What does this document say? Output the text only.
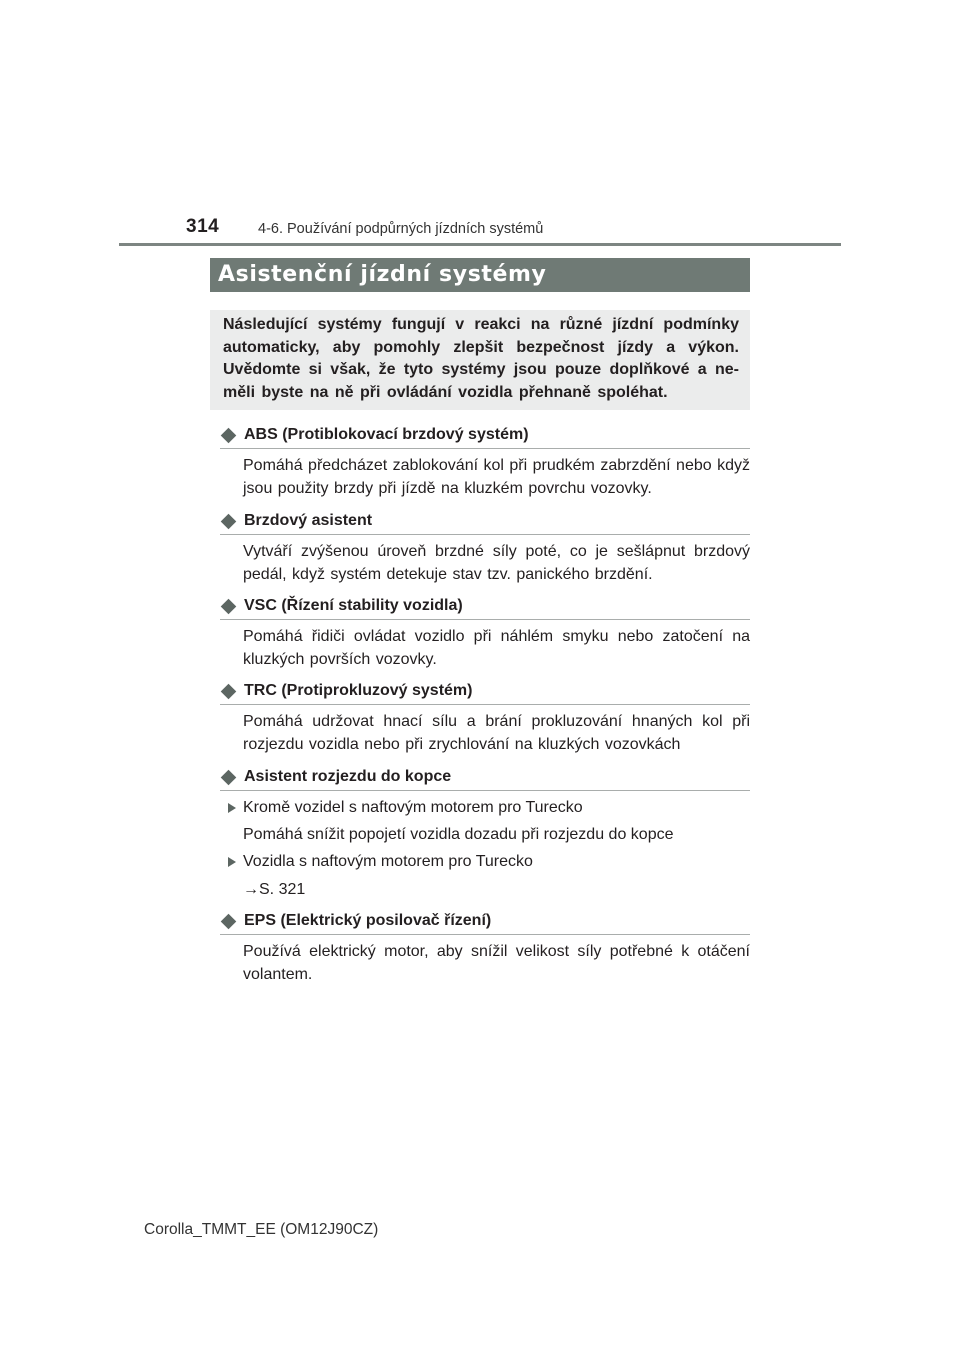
314	4-6. Používání podpůrných jízdních systémů
Asistenční jízdní systémy
Následující systémy fungují v reakci na různé jízdní podmínky automaticky, aby pomohly zlepšit bezpečnost jízdy a výkon. Uvědomte si však, že tyto systémy jsou pouze doplňkové a ne-měli byste na ně při ovládání vozidla přehnaně spoléhat.
ABS (Protiblokovací brzdový systém)
Pomáhá předcházet zablokování kol při prudkém zabrzdění nebo když jsou použity brzdy při jízdě na kluzkém povrchu vozovky.
Brzdový asistent
Vytváří zvýšenou úroveň brzdné síly poté, co je sešlápnut brzdový pedál, když systém detekuje stav tzv. panického brzdění.
VSC (Řízení stability vozidla)
Pomáhá řidiči ovládat vozidlo při náhlém smyku nebo zatočení na kluzkých površích vozovky.
TRC (Protiprokluzový systém)
Pomáhá udržovat hnací sílu a brání prokluzování hnaných kol při rozjezdu vozidla nebo při zrychlování na kluzkých vozovkách
Asistent rozjezdu do kopce
Kromě vozidel s naftovým motorem pro Turecko
Pomáhá snížit popojetí vozidla dozadu při rozjezdu do kopce
Vozidla s naftovým motorem pro Turecko
→S. 321
EPS (Elektrický posilovač řízení)
Používá elektrický motor, aby snížil velikost síly potřebné k otáčení volantem.
Corolla_TMMT_EE (OM12J90CZ)
